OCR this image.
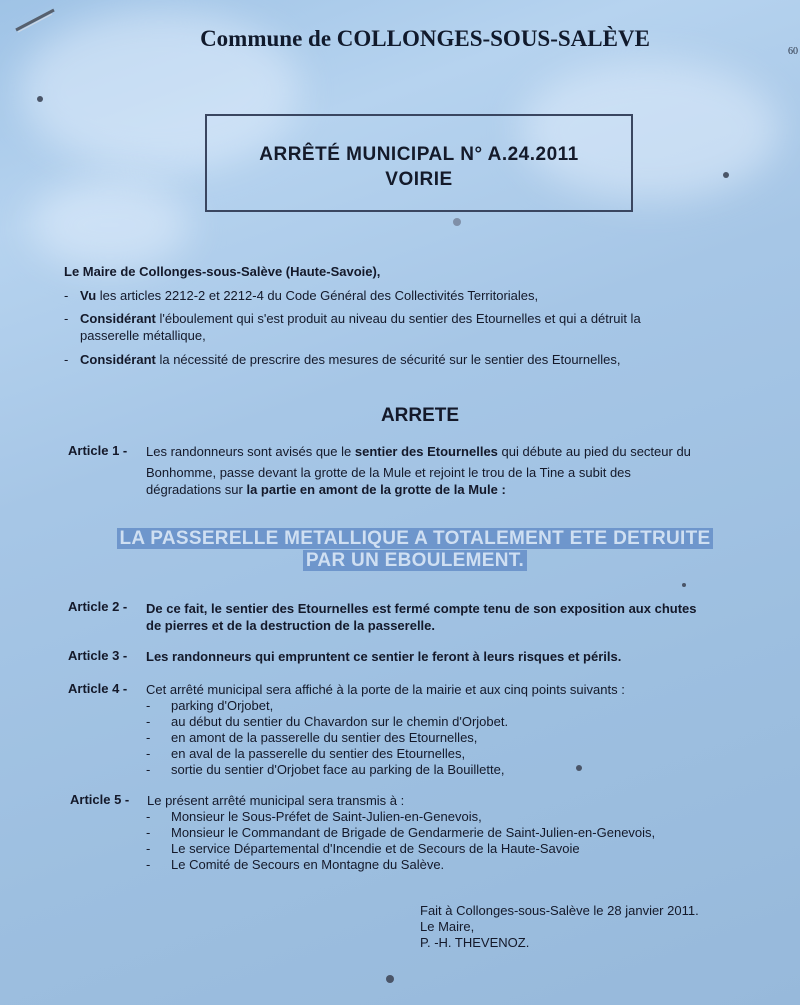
Commune de COLLONGES-SOUS-SALÈVE
60
ARRÊTÉ MUNICIPAL N° A.24.2011
VOIRIE
Le Maire de Collonges-sous-Salève (Haute-Savoie),
- Vu les articles 2212-2 et 2212-4 du Code Général des Collectivités Territoriales,
- Considérant l'éboulement qui s'est produit au niveau du sentier des Etournelles et qui a détruit la
passerelle métallique,
- Considérant la nécessité de prescrire des mesures de sécurité sur le sentier des Etournelles,
ARRETE
Article 1 - Les randonneurs sont avisés que le sentier des Etournelles qui débute au pied du secteur du
Bonhomme, passe devant la grotte de la Mule et rejoint le trou de la Tine a subit des
dégradations sur la partie en amont de la grotte de la Mule :
LA PASSERELLE METALLIQUE A TOTALEMENT ETE DETRUITE
PAR UN EBOULEMENT.
Article 2 - De ce fait, le sentier des Etournelles est fermé compte tenu de son exposition aux chutes
de pierres et de la destruction de la passerelle.
Article 3 - Les randonneurs qui empruntent ce sentier le feront à leurs risques et périls.
Article 4 - Cet arrêté municipal sera affiché à la porte de la mairie et aux cinq points suivants :
- parking d'Orjobet,
- au début du sentier du Chavardon sur le chemin d'Orjobet.
- en amont de la passerelle du sentier des Etournelles,
- en aval de la passerelle du sentier des Etournelles,
- sortie du sentier d'Orjobet face au parking de la Bouillette,
Article 5 - Le présent arrêté municipal sera transmis à :
- Monsieur le Sous-Préfet de Saint-Julien-en-Genevois,
- Monsieur le Commandant de Brigade de Gendarmerie de Saint-Julien-en-Genevois,
- Le service Départemental d'Incendie et de Secours de la Haute-Savoie
- Le Comité de Secours en Montagne du Salève.
Fait à Collonges-sous-Salève le 28 janvier 2011.
Le Maire,
P. -H. THEVENOZ.
